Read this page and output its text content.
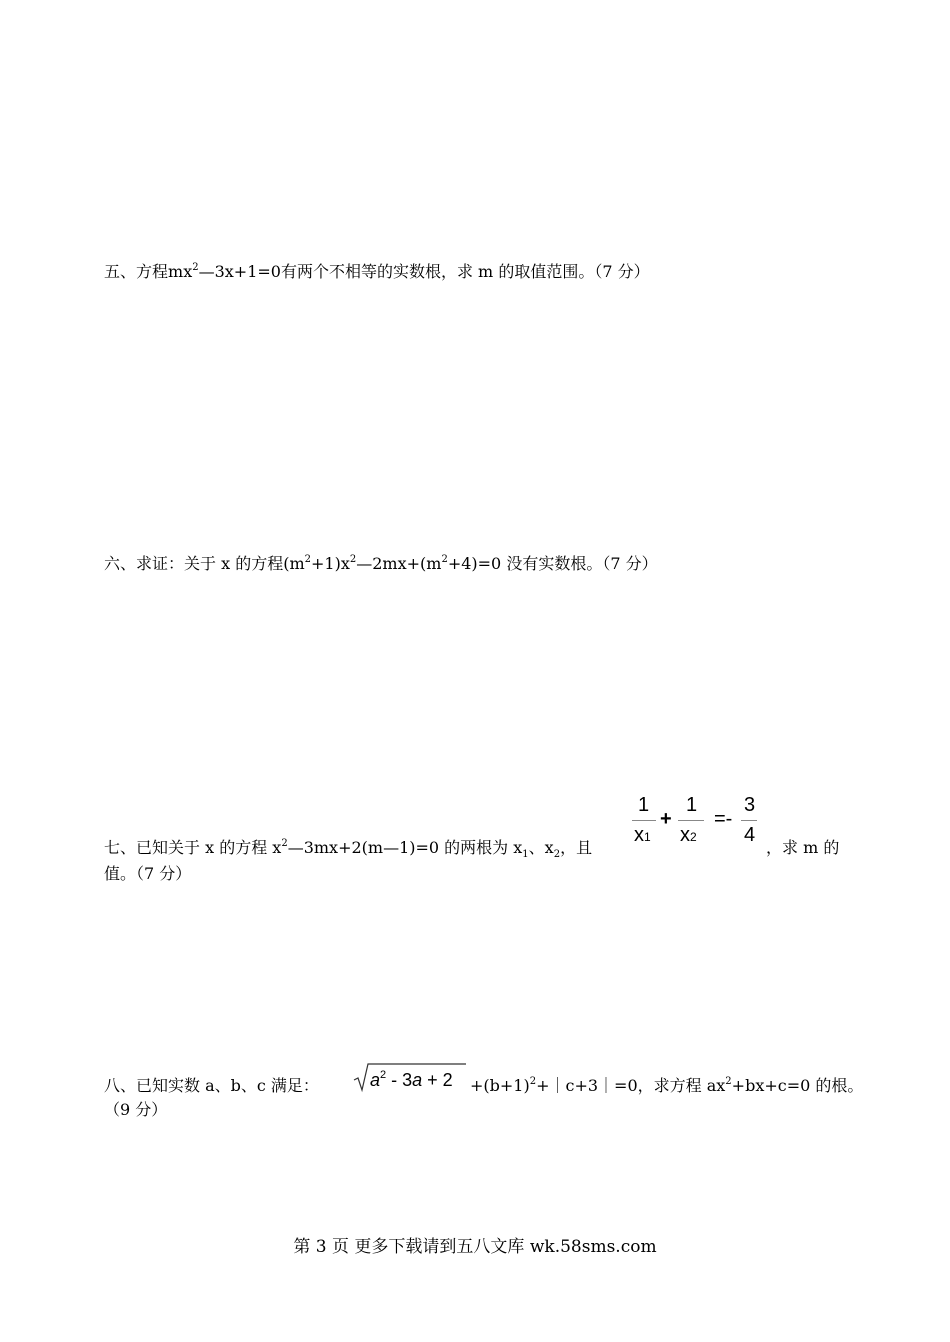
五、方程$mx^2—3x+1=0$有两个不相等的实数根，求 m 的取值范围。（7 分）
六、求证：关于 x 的方程$(m^2+1)x^2—2mx+(m^2+4)=0$ 没有实数根。（7 分）
七、已知关于 x 的方程 $x^2—3mx+2(m—1)=0$ 的两根为 $x_1$、$x_2$，且
1
x1
+
1
x2
=-
3
4
，求 m 的
值。（7 分）
八、已知实数 a、b、c 满足：	$a^2 - 3a + 2$ $+(b+1)^2+|c+3|=0$，求方程 $ax^2+bx+c=0$ 的根。
（9 分）
第 3 页 更多下载请到五八文库 wk.58sms.com
